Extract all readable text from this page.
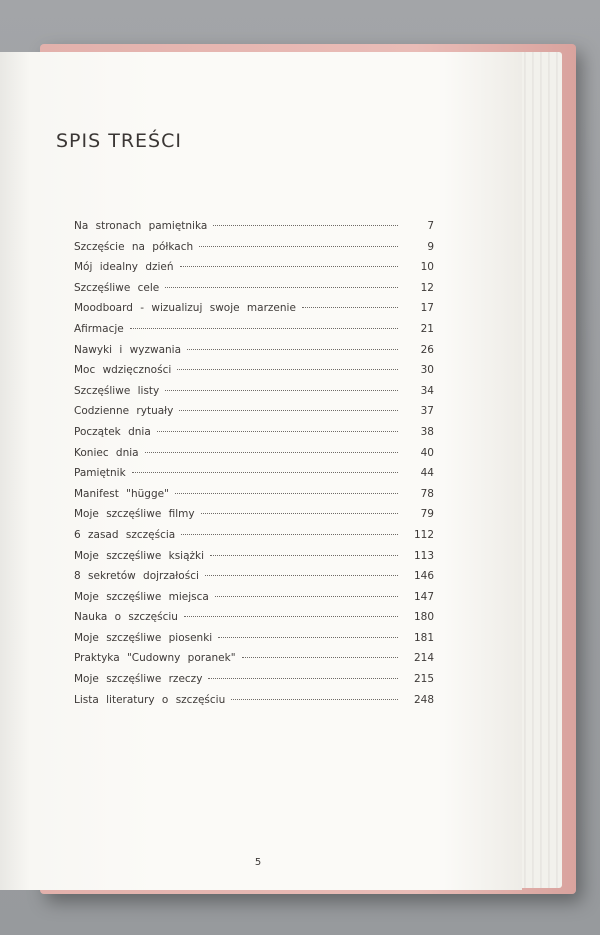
SPIS TREŚCI
Na stronach pamiętnika	7
Szczęście na półkach	9
Mój idealny dzień	10
Szczęśliwe cele	12
Moodboard - wizualizuj swoje marzenie	17
Afirmacje	21
Nawyki i wyzwania	26
Moc wdzięczności	30
Szczęśliwe listy	34
Codzienne rytuały	37
Początek dnia	38
Koniec dnia	40
Pamiętnik	44
Manifest "hügge"	78
Moje szczęśliwe filmy	79
6 zasad szczęścia	112
Moje szczęśliwe książki	113
8 sekretów dojrzałości	146
Moje szczęśliwe miejsca	147
Nauka o szczęściu	180
Moje szczęśliwe piosenki	181
Praktyka "Cudowny poranek"	214
Moje szczęśliwe rzeczy	215
Lista literatury o szczęściu	248
5
